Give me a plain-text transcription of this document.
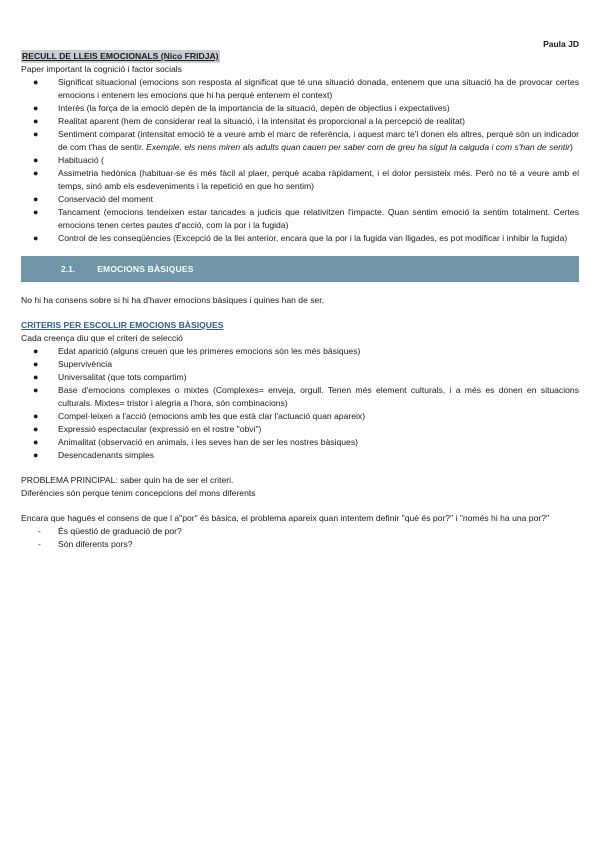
Paula JD
RECULL DE LLEIS EMOCIONALS (Nico FRIDJA)
Paper important la cognició i factor socials
● Significat situacional (emocions son resposta al significat que té una situació donada, entenem que una situació ha de provocar certes emocions i entenem les emocions que hi ha perquè entenem el context)
● Interès (la força de la emoció depèn de la importancia de la situació, depèn de objectius i expectatives)
● Realitat aparent (hem de considerar real la situació, i la intensitat és proporcional a la percepció de realitat)
● Sentiment comparat (intensitat emoció te a veure amb el marc de referència, i aquest marc te'l donen els altres, perquè són un indicador de com t'has de sentir. Exemple, els nens miren als adults quan cauen per saber com de greu ha sigut la caiguda i com s'han de sentir)
● Habituació (
● Assimetria hedònica (habituar-se és més fàcil al plaer, perquè acaba ràpidament, i el dolor persisteix més. Però no té a veure amb el temps, sinó amb els esdeveniments i la repetició en que ho sentim)
● Conservació del moment
● Tancament (emocions tendeixen estar tancades a judicis que relativitzen l'impacte. Quan sentim emoció la sentim totalment. Certes emocions tenen certes pautes d'acció, com la por i la fugida)
● Control de les conseqüències (Excepció de la llei anterior, encara que la por i la fugida van lligades, es pot modificar i inhibir la fugida)
2.1.	EMOCIONS BÀSIQUES
No hi ha consens sobre si hi ha d'haver emocions bàsiques i quines han de ser.
CRITERIS PER ESCOLLIR EMOCIONS BÀSIQUES
Cada creença diu que el criteri de selecció
● Edat aparició (alguns creuen que les primeres emocions són les més bàsiques)
● Supervivència
● Universalitat (que tots compartim)
● Base d'emocions complexes o mixtes (Complexes= enveja, orgull. Tenen més element culturals, i a més es donen en situacions culturals. Mixtes= tristor i alegria a l'hora, són combinacions)
● Compel·leixen a l'acció (emocions amb les que està clar l'actuació quan apareix)
● Expressió espectacular (expressió en el rostre "obvi")
● Animalitat (observació en animals, i les seves han de ser les nostres bàsiques)
● Desencadenants simples
PROBLEMA PRINCIPAL: saber quin ha de ser el criteri.
Diferències són perque tenim concepcions del mons diferents
Encara que hagués el consens de que l a"por" és bàsica, el problema apareix quan intentem definir "què és por?" i "només hi ha una por?"
- És qüestió de graduació de por?
- Són diferents pors?
